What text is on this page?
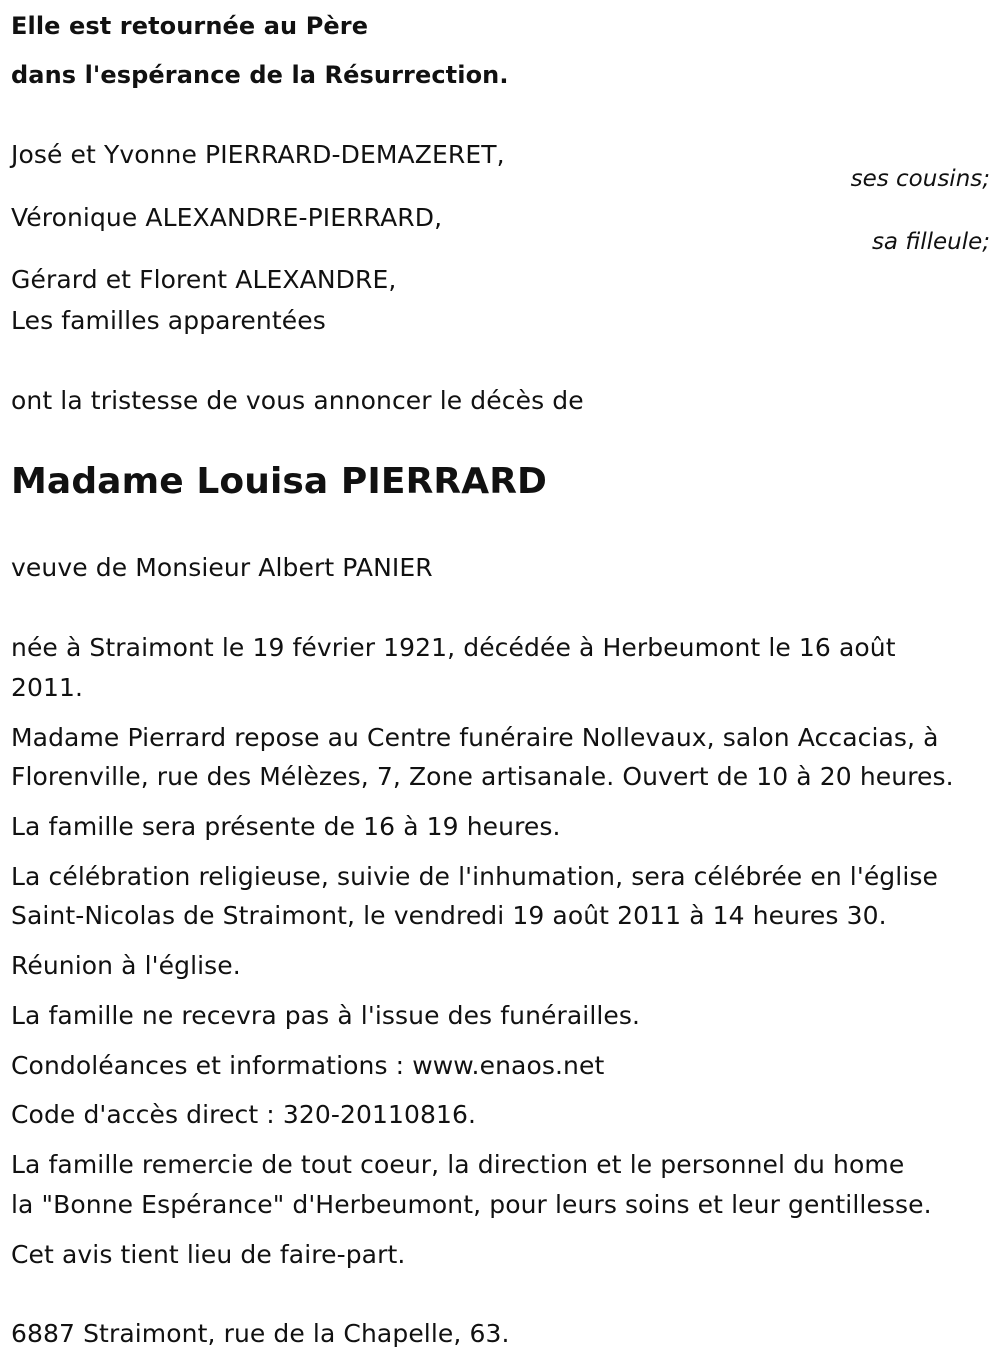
Elle est retournée au Père
dans l'espérance de la Résurrection.
José et Yvonne PIERRARD-DEMAZERET,
ses cousins;
Véronique ALEXANDRE-PIERRARD,
sa filleule;
Gérard et Florent ALEXANDRE,
Les familles apparentées
ont la tristesse de vous annoncer le décès de
Madame Louisa PIERRARD
veuve de Monsieur Albert PANIER
née à Straimont le 19 février 1921, décédée à Herbeumont le 16 août
2011.
Madame Pierrard repose au Centre funéraire Nollevaux, salon Accacias, à
Florenville, rue des Mélèzes, 7, Zone artisanale. Ouvert de 10 à 20 heures.
La famille sera présente de 16 à 19 heures.
La célébration religieuse, suivie de l'inhumation, sera célébrée en l'église
Saint-Nicolas de Straimont, le vendredi 19 août 2011 à 14 heures 30.
Réunion à l'église.
La famille ne recevra pas à l'issue des funérailles.
Condoléances et informations : www.enaos.net
Code d'accès direct : 320-20110816.
La famille remercie de tout coeur, la direction et le personnel du home
la "Bonne Espérance" d'Herbeumont, pour leurs soins et leur gentillesse.
Cet avis tient lieu de faire-part.
6887 Straimont, rue de la Chapelle, 63.
